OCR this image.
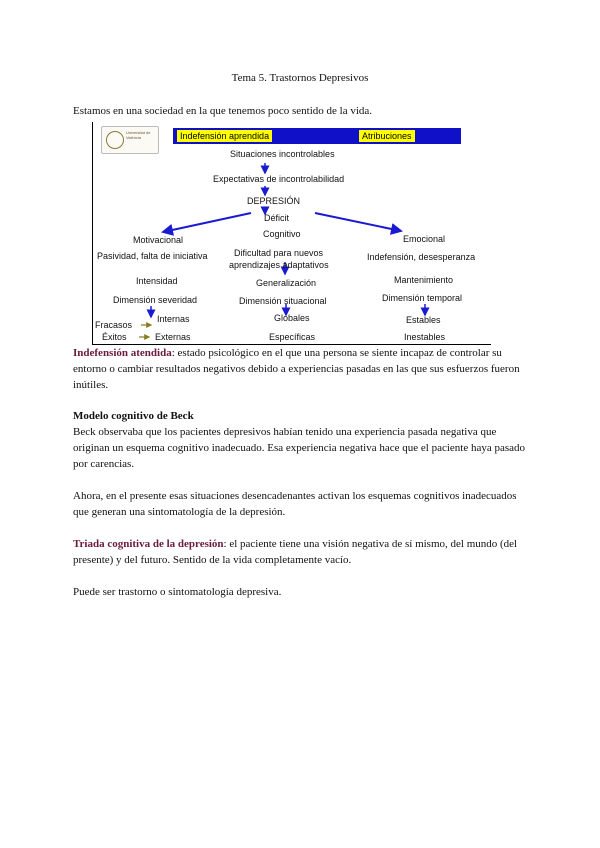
Tema 5. Trastornos Depresivos
Estamos en una sociedad en la que tenemos poco sentido de la vida.
Universitat de València	Indefensión aprendida	Atribuciones
Situaciones incontrolables
Expectativas de incontrolabilidad
DEPRESIÓN
Déficit
Motivacional
Cognitivo	Emocional
Pasividad, falta de iniciativa	Dificultad para nuevos
aprendizajes adaptativos
Indefensión, desesperanza
Intensidad	Generalización	Mantenimiento
Dimensión severidad	Dimensión situacional	Dimensión temporal
Fracasos
Internas	Globales	Estables
Éxitos	Externas	Específicas	Inestables
Indefensión atendida: estado psicológico en el que una persona se siente incapaz de controlar su entorno o cambiar resultados negativos debido a experiencias pasadas en las que sus esfuerzos fueron inútiles.
Modelo cognitivo de Beck
Beck observaba que los pacientes depresivos habían tenido una experiencia pasada negativa que originan un esquema cognitivo inadecuado. Esa experiencia negativa hace que el paciente haya pasado por carencias.
Ahora, en el presente esas situaciones desencadenantes activan los esquemas cognitivos inadecuados que generan una sintomatología de la depresión.
Triada cognitiva de la depresión: el paciente tiene una visión negativa de sí mismo, del mundo (del presente) y del futuro. Sentido de la vida completamente vacío.
Puede ser trastorno o sintomatología depresiva.
